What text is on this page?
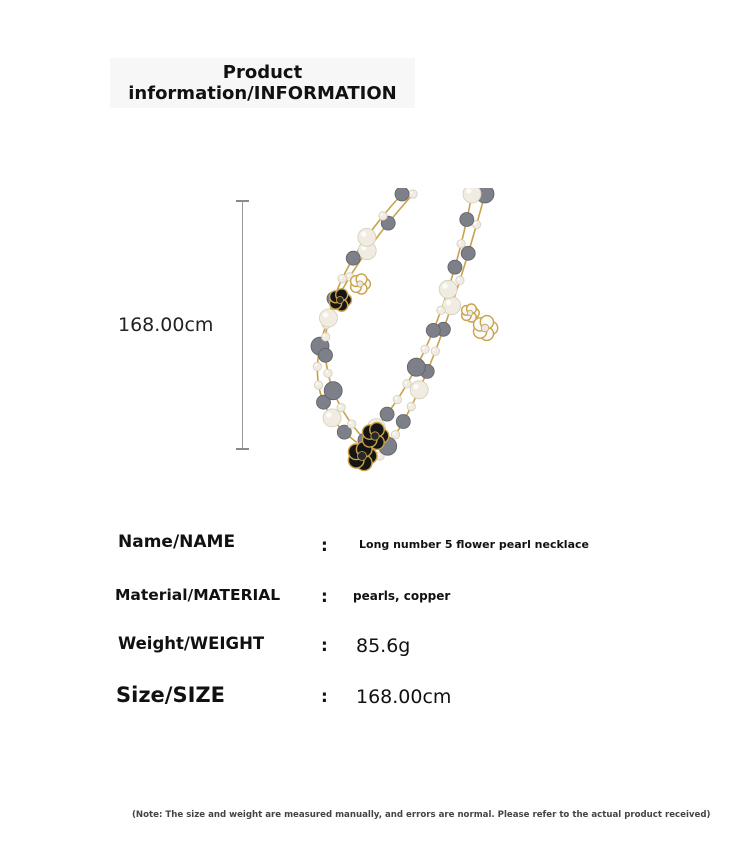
Product
information/INFORMATION
168.00cm
Name/NAME	:	Long number 5 flower pearl necklace
Material/MATERIAL : pearls, copper
Weight/WEIGHT	: 85.6g
Size/SIZE	: 168.00cm
(Note: The size and weight are measured manually, and errors are normal. Please refer to the actual product received)
